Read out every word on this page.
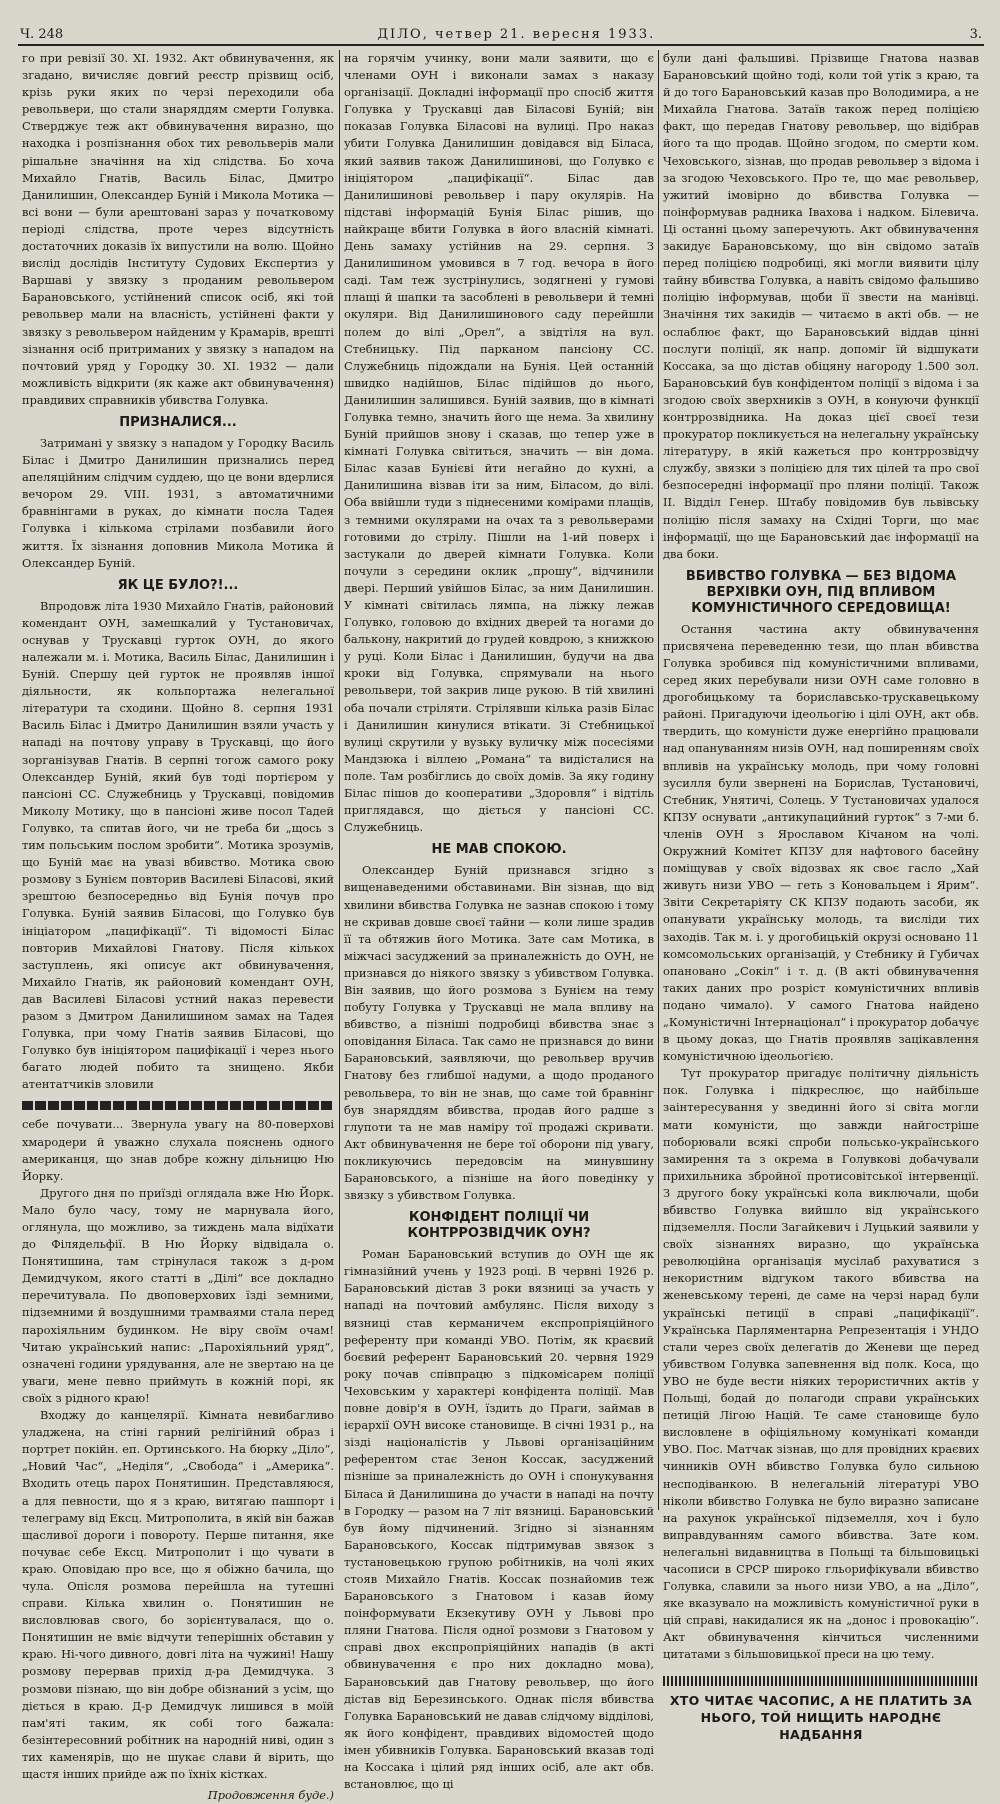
Ч. 248	ДІЛО, четвер 21. вересня 1933.	3.

го при ревізії 30. XI. 1932. Акт обвинувачення, як згадано, вичисляє довгий реєстр прізвищ осіб, крізь руки яких по черзі переходили оба револьвери, що стали знаряддям смерти Голувка. Стверджує теж акт обвинувачення виразно, що находка і розпізнання обох тих револьверів мали рішальне значіння на хід слідства. Бо хоча Михайло Гнатів, Василь Білас, Дмитро Данилишин, Олександер Буній і Микола Мотика — всі вони — були арештовані зараз у початковому періоді слідства, проте через відсутність достаточних доказів їх випустили на волю. Щойно вислід дослідів Інституту Судових Експертиз у Варшаві у звязку з проданим револьвером Барановського, устійнений список осіб, які той револьвер мали на власність, устійнені факти у звязку з револьвером найденим у Крамарів, врешті зізнання осіб притриманих у звязку з нападом на почтовий уряд у Городку 30. XI. 1932 — дали можливість відкрити (як каже акт обвинувачення) правдивих справників убивства Голувка.

ПРИЗНАЛИСЯ...

Затримані у звязку з нападом у Городку Василь Білас і Дмитро Данилишин признались перед апеляційним слідчим суддею, що це вони вдерлися вечором 29. VIII. 1931, з автоматичними бравнінгами в руках, до кімнати посла Тадея Голувка і кількома стрілами позбавили його життя. Їх зізнання доповнив Микола Мотика й Олександер Буній.

ЯК ЦЕ БУЛО?!...

Впродовж літа 1930 Михайло Гнатів, районовий комендант ОУН, замешкалий у Тустановичах, оснував у Трускавці гурток ОУН, до якого належали м. і. Мотика, Василь Білас, Данилишин і Буній. Спершу цей гурток не проявляв іншої діяльности, як кольпортажа нелегальної літератури та сходини. Щойно 8. серпня 1931 Василь Білас і Дмитро Данилишин взяли участь у нападі на почтову управу в Трускавці, що його зорганізував Гнатів. В серпні тогож самого року Олександер Буній, який був тоді портієром у пансіоні СС. Служебниць у Трускавці, повідомив Миколу Мотику, що в пансіоні живе посол Тадей Голувко, та спитав його, чи не треба би „щось з тим польським послом зробити“. Мотика зрозумів, що Буній має на увазі вбивство. Мотика свою розмову з Бунієм повторив Василеві Біласові, який зрештою безпосередньо від Бунія почув про Голувка. Буній заявив Біласові, що Голувко був ініціатором „пацифікації“. Ті відомості Білас повторив Михайлові Гнатову. Після кількох заступлень, які описує акт обвинувачення, Михайло Гнатів, як районовий комендант ОУН, дав Василеві Біласові устний наказ перевести разом з Дмитром Данилишином замах на Тадея Голувка, при чому Гнатів заявив Біласові, що Голувко був ініціятором пацифікації і через нього багато людей побито та знищено. Якби атентатчиків зловили

себе почувати... Звернула увагу на 80-поверхові хмародери й уважно слухала пояснень одного американця, що знав добре кожну дільницю Ню Йорку.

Другого дня по приїзді оглядала вже Ню Йорк. Мало було часу, тому не марнувала його, оглянула, що можливо, за тиждень мала відїхати до Філядельфії. В Ню Йорку відвідала о. Понятишина, там стрінулася також з д-ром Демидчуком, якого статті в „Ділі“ все докладно перечитувала. По двоповерхових їзді земними, підземними й воздушними трамваями стала перед парохіяльним будинком. Не віру своїм очам! Читаю український напис: „Парохіяльний уряд“, означені години урядування, але не звертаю на це уваги, мене певно приймуть в кожній порі, як своїх з рідного краю!

Входжу до канцелярії. Кімната невибагливо уладжена, на стіні гарний релігійний образ і портрет покійн. еп. Ортинського. На бюрку „Діло“, „Новий Час“, „Неділя“, „Свобода“ і „Америка“. Входить отець парох Понятишин. Представляюся, а для певности, що я з краю, витягаю пашпорт і телеграму від Ексц. Митрополита, в якій він бажав щасливої дороги і повороту. Перше питання, яке почуває себе Ексц. Митрополит і що чувати в краю. Оповідаю про все, що я обіжно бачила, що чула. Опісля розмова перейшла на тутешні справи. Кілька хвилин о. Понятишин не висловлював свого, бо зорієнтувалася, що о. Понятишин не вміє відчути теперішніх обставин у краю. Ні-чого дивного, довгі літа на чужині! Нашу розмову перервав прихід д-ра Демидчука. З розмови пізнаю, що він добре обізнаний з усім, що діється в краю. Д-р Демидчук лишився в моїй пам'яті таким, як собі того бажала: безінтересовний робітник на народній ниві, один з тих каменярів, що не шукає слави й вірить, що щастя інших прийде аж по їхніх кістках.

Продовження буде.)

на горячім учинку, вони мали заявити, що є членами ОУН і виконали замах з наказу організації. Докладні інформації про спосіб життя Голувка у Трускавці дав Біласові Буній; він показав Голувка Біласові на вулиці. Про наказ убити Голувка Данилишин довідався від Біласа, який заявив також Данилишинові, що Голувко є ініціятором „пацифікації“. Білас дав Данилишинові револьвер і пару окулярів. На підставі інформацій Бунія Білас рішив, що найкраще вбити Голувка в його власній кімнаті. День замаху устійнив на 29. серпня. З Данилишином умовився в 7 год. вечора в його саді. Там теж зустрінулись, зодягнені у гумові плащі й шапки та засоблені в револьвери й темні окуляри. Від Данилишинового саду перейшли полем до вілі „Орел“, а звідтіля на вул. Стебницьку. Під парканом пансіону СС. Служебниць підождали на Бунія. Цей останній швидко надійшов, Білас підійшов до нього, Данилишин залишився. Буній заявив, що в кімнаті Голувка темно, значить його ще нема. За хвилину Буній прийшов знову і сказав, що тепер уже в кімнаті Голувка світиться, значить — він дома. Білас казав Бунієві йти негайно до кухні, а Данилишина візвав іти за ним, Біласом, до вілі. Оба ввійшли туди з піднесеними комірами плащів, з темними окулярами на очах та з револьверами готовими до стрілу. Пішли на 1-ий поверх і застукали до дверей кімнати Голувка. Коли почули з середини оклик „прошу“, відчинили двері. Перший увійшов Білас, за ним Данилишин. У кімнаті світилась лямпа, на ліжку лежав Голувко, головою до вхідних дверей та ногами до бальконy, накритий до грудей ковдрою, з книжкою у руці. Коли Білас і Данилишин, будучи на два кроки від Голувка, спрямували на нього револьвери, той закрив лице рукою. В тій хвилині оба почали стріляти. Стрілявши кілька разів Білас і Данилишин кинулися втікати. Зі Стебницької вулиці скрутили у вузьку вуличку між посесіями Мандзюка і віллею „Романа“ та видісталися на поле. Там розбіглись до своїх домів. За яку годину Білас пішов до кооперативи „Здоровля“ і відтіль приглядався, що діється у пансіоні СС. Служебниць.

НЕ МАВ СПОКОЮ.

Олександер Буній признався згідно з вищенаведеними обставинами. Він зізнав, що від хвилини вбивства Голувка не зазнав спокою і тому не скривав довше своєї тайни — коли лише зрадив її та обтяжив його Мотика. Зате сам Мотика, в міжчасі засуджений за приналежність до ОУН, не признався до ніякого звязку з убивством Голувка. Він заявив, що його розмова з Бунієм на тему побуту Голувка у Трускавці не мала впливу на вбивство, а пізніші подробиці вбивства знає з оповідання Біласа. Так само не признався до вини Барановський, заявляючи, що револьвер вручив Гнатову без глибшої надуми, а щодо проданого револьвера, то він не знав, що саме той бравнінг був знаряддям вбивства, продав його радше з глупоти та не мав наміру тої продажі скривати. Акт обвинувачення не бере тої оборони під увагу, покликуючись передовсім на минувшину Барановського, а пізніше на його поведінку у звязку з убивством Голувка.

КОНФІДЕНТ ПОЛІЦІЇ ЧИ КОНТРРОЗВІДЧИК ОУН?

Роман Барановський вступив до ОУН ще як гімназійний учень у 1923 році. В червні 1926 р. Барановський дістав 3 роки вязниці за участь у нападі на почтовий амбулянс. Після виходу з вязниці став керманичем експропріяційного референту при команді УВО. Потім, як краєвий боєвий референт Барановський 20. червня 1929 року почав співпрацю з підкомісарем поліції Чеховським у характері конфідента поліції. Мав повне довір'я в ОУН, їздить до Праги, займав в ієрархії ОУН високе становище. В січні 1931 р., на зізді націоналістів у Львові організаційним референтом стає Зенон Коссак, засуджений пізніше за приналежність до ОУН і спонукування Біласа й Данилишина до участи в нападі на почту в Городку — разом на 7 літ вязниці. Барановський був йому підчинений. Згідно зі зізнанням Барановського, Коссак підтримував звязок з тустановецькою групою робітників, на чолі яких стояв Михайло Гнатів. Коссак познайомив теж Барановського з Гнатовом і казав йому поінформувати Екзекутиву ОУН у Львові про пляни Гнатова. Після одної розмови з Гнатовом у справі двох експропріяційних нападів (в акті обвинувачення є про них докладно мова), Барановський дав Гнатову револьвер, що його дістав від Березинського. Однак після вбивства Голувка Барановський не давав слідчому відділові, як його конфідент, правдивих відомостей щодо імен убивників Голувка. Барановський вказав тоді на Коссака і цілий ряд інших осіб, але акт обв. встановлює, що ці

були дані фальшиві. Прізвище Гнатова назвав Барановський щойно тоді, коли той утік з краю, та й до того Барановський казав про Володимира, а не Михайла Гнатова. Затаїв також перед поліцією факт, що передав Гнатову револьвер, що відібрав його та що продав. Щойно згодом, по смерти ком. Чеховського, зізнав, що продав револьвер з відома і за згодою Чеховського. Про те, що має револьвер, ужитий імовірно до вбивства Голувка — поінформував радника Івахова і надком. Білевича. Ці останні цьому заперечують. Акт обвинувачення закидує Барановському, що він свідомо затаїв перед поліцією подробиці, які могли виявити цілу тайну вбивства Голувка, а навіть свідомо фальшиво поліцію інформував, щоби її звести на манівці. Значіння тих закидів — читаємо в акті обв. — не ослаблює факт, що Барановський віддав цінні послуги поліції, як напр. допоміг їй відшукати Коссака, за що дістав обіцяну нагороду 1.500 зол. Барановський був конфідентом поліції з відома і за згодою своїх зверхників з ОУН, в конуючи функції контррозвідника. На доказ цієї своєї тези прокуратор покликується на нелегальну українську літературу, в якій кажеться про контррозвідчу службу, звязки з поліцією для тих цілей та про свої безпосередні інформації про пляни поліції. Також II. Відділ Генер. Штабу повідомив був львівську поліцію після замаху на Східні Торги, що має інформації, що ще Барановський дає інформації на два боки.

ВБИВСТВО ГОЛУВКА — БЕЗ ВІДОМА ВЕРХІВКИ ОУН, ПІД ВПЛИВОМ КОМУНІСТИЧНОГО СЕРЕДОВИЩА!

Остання частина акту обвинувачення присвячена переведенню тези, що план вбивства Голувка зробився під комуністичними впливами, серед яких перебували низи ОУН саме головно в дрогобицькому та бориславсько-трускавецькому районі. Пригадуючи ідеольогію і цілі ОУН, акт обв. твердить, що комуністи дуже енергійно працювали над опануванням низів ОУН, над поширенням своїх впливів на українську молодь, при чому головні зусилля були звернені на Борислав, Тустановичі, Стебник, Унятичі, Солець. У Тустановичах удалося КПЗУ оснувати „антикупацийний гурток“ з 7-ми б. членів ОУН з Ярославом Кічаном на чолі. Окружний Комітет КПЗУ для нафтового басейну поміщував у своїх відозвах як своє гасло „Хай живуть низи УВО — геть з Коновальцем і Ярим“. Звіти Секретаріяту СК КПЗУ подають засоби, як опанувати українську молодь, та висліди тих заходів. Так м. і. у дрогобицькій окрузі основано 11 комсомольських організацій, у Стебнику й Губичах опановано „Сокіл“ і т. д. (В акті обвинувачення таких даних про розріст комуністичних впливів подано чимало). У самого Гнатова найдено „Комуністичні Інтернаціонал“ і прокуратор добачує в цьому доказ, що Гнатів проявляв зацікавлення комуністичною ідеольогією.

Тут прокуратор пригадує політичну діяльність пок. Голувка і підкреслює, що найбільше заінтересування у звединні його зі світа могли мати комуністи, що завжди найгостріше поборювали всякі спроби польсько-українського замирення та з окрема в Голувкові добачували прихильника збройної протисовітської інтервенції. З другого боку українські кола виключали, щоби вбивство Голувка вийшло від українського підземелля. Посли Загайкевич і Луцький заявили у своїх зізнаннях виразно, що українська революційна організація мусілаб рахуватися з некористним відгуком такого вбивства на женевському терені, де саме на черзі нарад були українські петиції в справі „пацифікації“. Українська Парляментарна Репрезентація і УНДО стали через своїх делегатів до Женеви ще перед убивством Голувка запевнення від полк. Коса, що УВО не буде вести ніяких терористичних актів у Польщі, бодай до полагоди справи українських петицій Лігою Націй. Те саме становище було висловлене в офіціяльному комунікаті команди УВО. Пос. Матчак зізнав, що для провідних краєвих чинників ОУН вбивство Голувка було сильною несподіванкою. В нелегальній літературі УВО ніколи вбивство Голувка не було виразно записане на рахунок української підземелля, хоч і було виправдуванням самого вбивства. Зате ком. нелегальні видавництва в Польщі та більшовицькі часописи в СРСР широко гльорифікували вбивство Голувка, славили за нього низи УВО, а на „Діло“, яке вказувало на можливість комуністичної руки в цій справі, накидалися як на „донос і провокацію“. Акт обвинувачення кінчиться численними цитатами з більшовицької преси на цю тему.

ХТО ЧИТАЄ ЧАСОПИС, А НЕ ПЛАТИТЬ ЗА НЬОГО, ТОЙ НИЩИТЬ НАРОДНЄ НАДБАННЯ
